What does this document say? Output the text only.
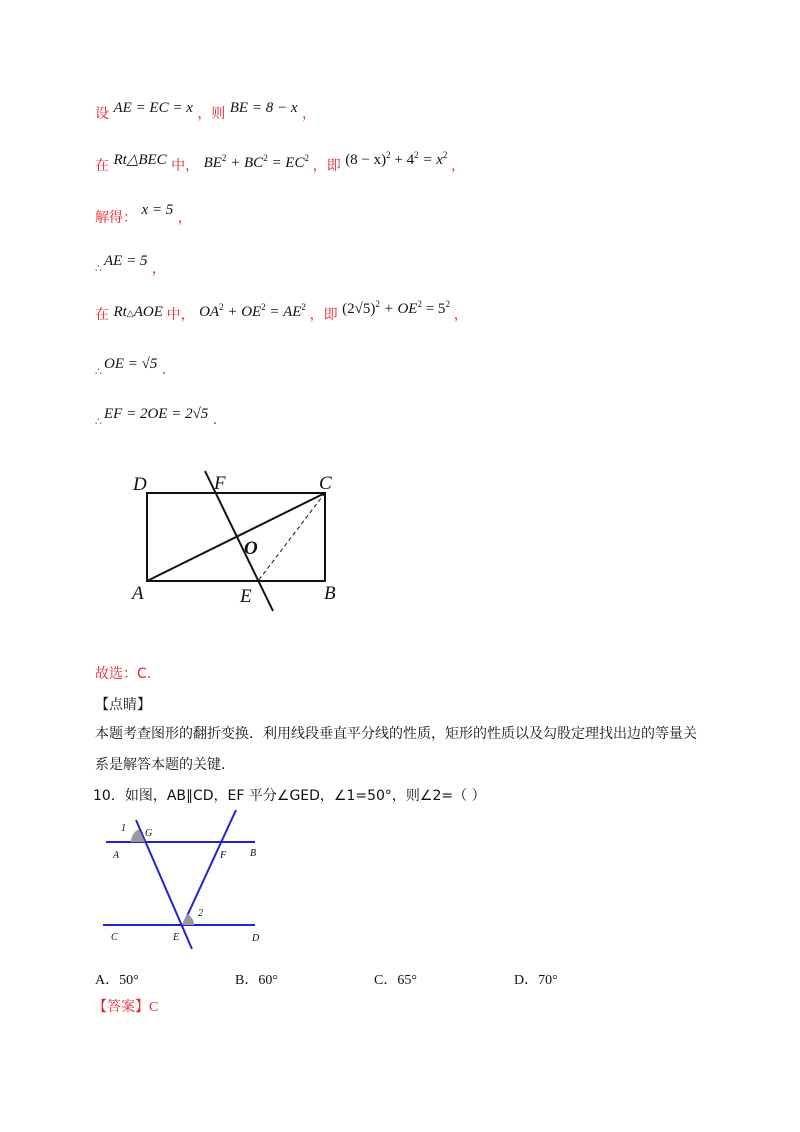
设 AE = EC = x ，则 BE = 8 − x ，
在 Rt△BEC 中， $BE^2 + BC^2 = EC^2$ ，即 $(8 - x)^2 + 4^2 = x^2$ ，
解得： x = 5 ，
$_\therefore$ AE = 5 ，
在 Rt△AOE 中， $OA^2 + OE^2 = AE^2$ ，即 $(2√5)^2 + OE^2 = 5^2$ ，
$_\therefore$ OE = √5 ．
$_\therefore$ EF = 2OE = 2√5 ．
D	F	C
O
A	E	B
故选：C．
【点睛】
本题考查图形的翻折变换．利用线段垂直平分线的性质，矩形的性质以及勾股定理找出边的等量关
系是解答本题的关键．
10．如图，AB∥CD，EF 平分∠GED，∠1=50°，则∠2=（ ）
1 G
A	F B
2
C	E	D
A．50°	B．60°	C．65°	D．70°
【答案】C
